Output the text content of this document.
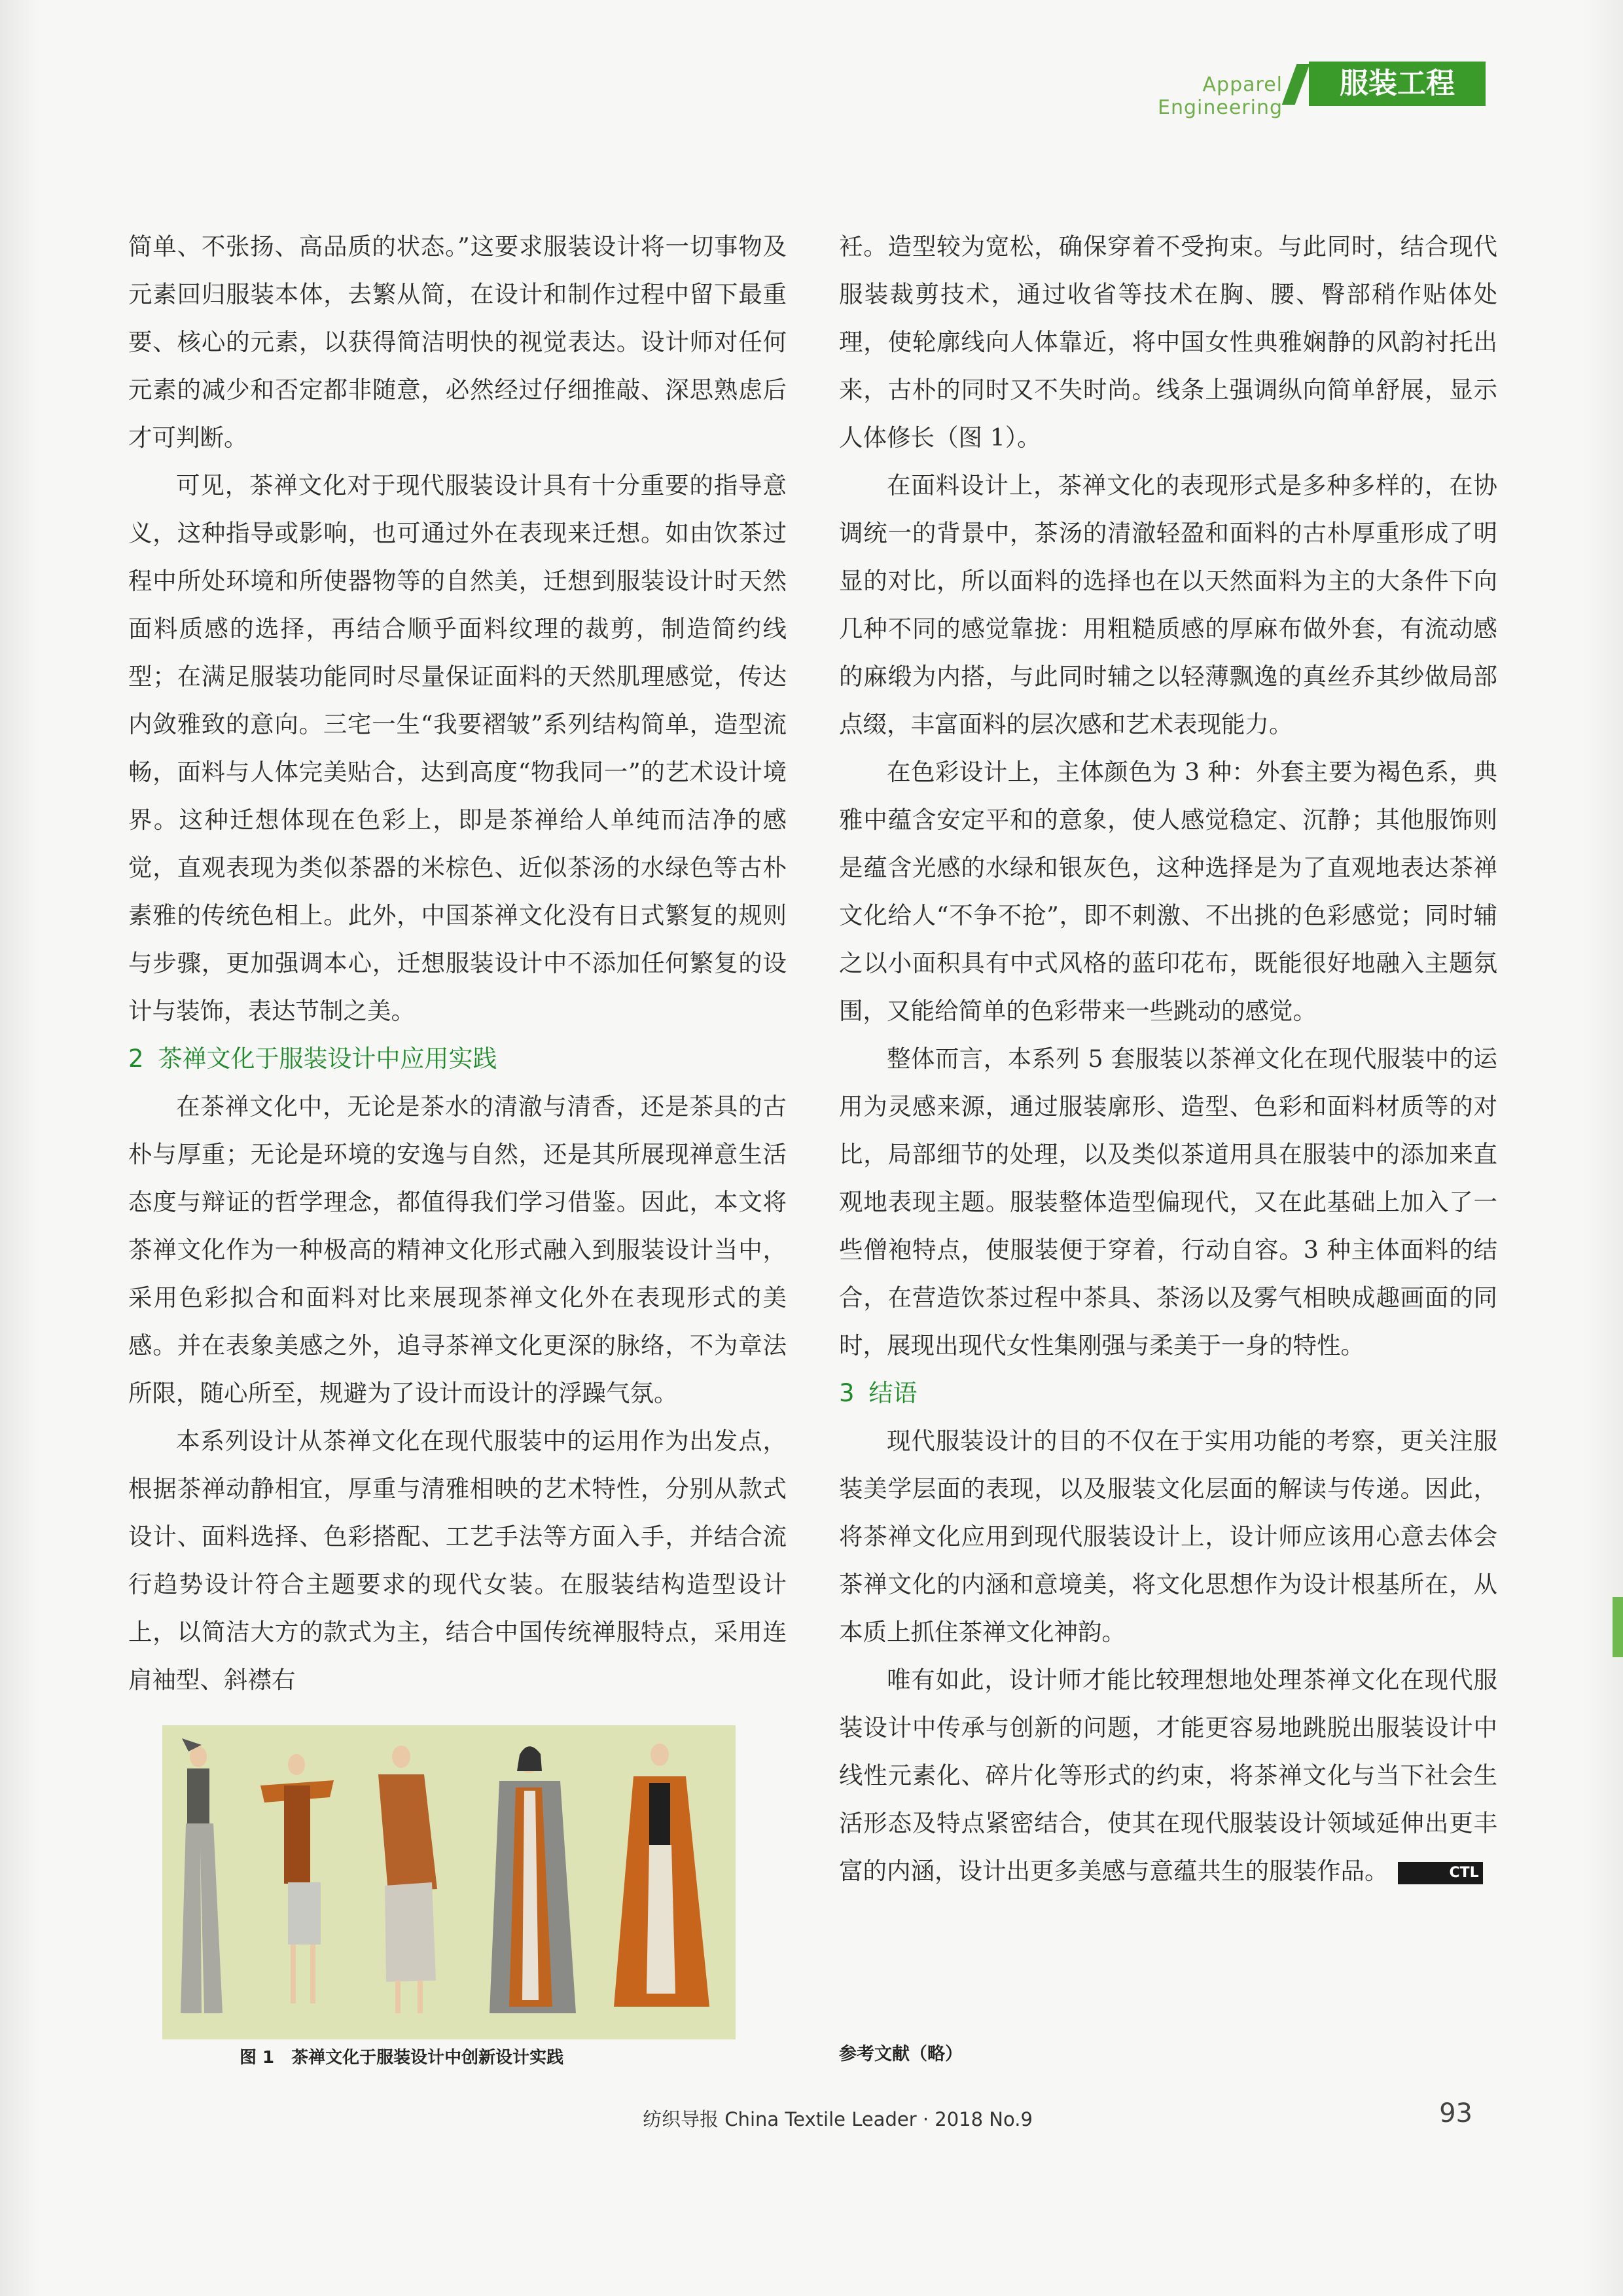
Apparel Engineering
服装工程

简单、不张扬、高品质的状态。”这要求服装设计将一切事物及元素回归服装本体，去繁从简，在设计和制作过程中留下最重要、核心的元素，以获得简洁明快的视觉表达。设计师对任何元素的减少和否定都非随意，必然经过仔细推敲、深思熟虑后才可判断。

可见，茶禅文化对于现代服装设计具有十分重要的指导意义，这种指导或影响，也可通过外在表现来迁想。如由饮茶过程中所处环境和所使器物等的自然美，迁想到服装设计时天然面料质感的选择，再结合顺乎面料纹理的裁剪，制造简约线型；在满足服装功能同时尽量保证面料的天然肌理感觉，传达内敛雅致的意向。三宅一生“我要褶皱”系列结构简单，造型流畅，面料与人体完美贴合，达到高度“物我同一”的艺术设计境界。这种迁想体现在色彩上，即是茶禅给人单纯而洁净的感觉，直观表现为类似茶器的米棕色、近似茶汤的水绿色等古朴素雅的传统色相上。此外，中国茶禅文化没有日式繁复的规则与步骤，更加强调本心，迁想服装设计中不添加任何繁复的设计与装饰，表达节制之美。

2 茶禅文化于服装设计中应用实践

在茶禅文化中，无论是茶水的清澈与清香，还是茶具的古朴与厚重；无论是环境的安逸与自然，还是其所展现禅意生活态度与辩证的哲学理念，都值得我们学习借鉴。因此，本文将茶禅文化作为一种极高的精神文化形式融入到服装设计当中，采用色彩拟合和面料对比来展现茶禅文化外在表现形式的美感。并在表象美感之外，追寻茶禅文化更深的脉络，不为章法所限，随心所至，规避为了设计而设计的浮躁气氛。

本系列设计从茶禅文化在现代服装中的运用作为出发点，根据茶禅动静相宜，厚重与清雅相映的艺术特性，分别从款式设计、面料选择、色彩搭配、工艺手法等方面入手，并结合流行趋势设计符合主题要求的现代女装。在服装结构造型设计上，以简洁大方的款式为主，结合中国传统禅服特点，采用连肩袖型、斜襟右

衽。造型较为宽松，确保穿着不受拘束。与此同时，结合现代服装裁剪技术，通过收省等技术在胸、腰、臀部稍作贴体处理，使轮廓线向人体靠近，将中国女性典雅娴静的风韵衬托出来，古朴的同时又不失时尚。线条上强调纵向简单舒展，显示人体修长（图 1）。

在面料设计上，茶禅文化的表现形式是多种多样的，在协调统一的背景中，茶汤的清澈轻盈和面料的古朴厚重形成了明显的对比，所以面料的选择也在以天然面料为主的大条件下向几种不同的感觉靠拢：用粗糙质感的厚麻布做外套，有流动感的麻缎为内搭，与此同时辅之以轻薄飘逸的真丝乔其纱做局部点缀，丰富面料的层次感和艺术表现能力。

在色彩设计上，主体颜色为 3 种：外套主要为褐色系，典雅中蕴含安定平和的意象，使人感觉稳定、沉静；其他服饰则是蕴含光感的水绿和银灰色，这种选择是为了直观地表达茶禅文化给人“不争不抢”，即不刺激、不出挑的色彩感觉；同时辅之以小面积具有中式风格的蓝印花布，既能很好地融入主题氛围，又能给简单的色彩带来一些跳动的感觉。

整体而言，本系列 5 套服装以茶禅文化在现代服装中的运用为灵感来源，通过服装廓形、造型、色彩和面料材质等的对比，局部细节的处理，以及类似茶道用具在服装中的添加来直观地表现主题。服装整体造型偏现代，又在此基础上加入了一些僧袍特点，使服装便于穿着，行动自容。3 种主体面料的结合，在营造饮茶过程中茶具、茶汤以及雾气相映成趣画面的同时，展现出现代女性集刚强与柔美于一身的特性。

3 结语

现代服装设计的目的不仅在于实用功能的考察，更关注服装美学层面的表现，以及服装文化层面的解读与传递。因此，将茶禅文化应用到现代服装设计上，设计师应该用心意去体会茶禅文化的内涵和意境美，将文化思想作为设计根基所在，从本质上抓住茶禅文化神韵。

唯有如此，设计师才能比较理想地处理茶禅文化在现代服装设计中传承与创新的问题，才能更容易地跳脱出服装设计中线性元素化、碎片化等形式的约束，将茶禅文化与当下社会生活形态及特点紧密结合，使其在现代服装设计领域延伸出更丰富的内涵，设计出更多美感与意蕴共生的服装作品。	CTL

图 1　茶禅文化于服装设计中创新设计实践	参考文献（略）
纺织导报 China Textile Leader · 2018 No.9	93
